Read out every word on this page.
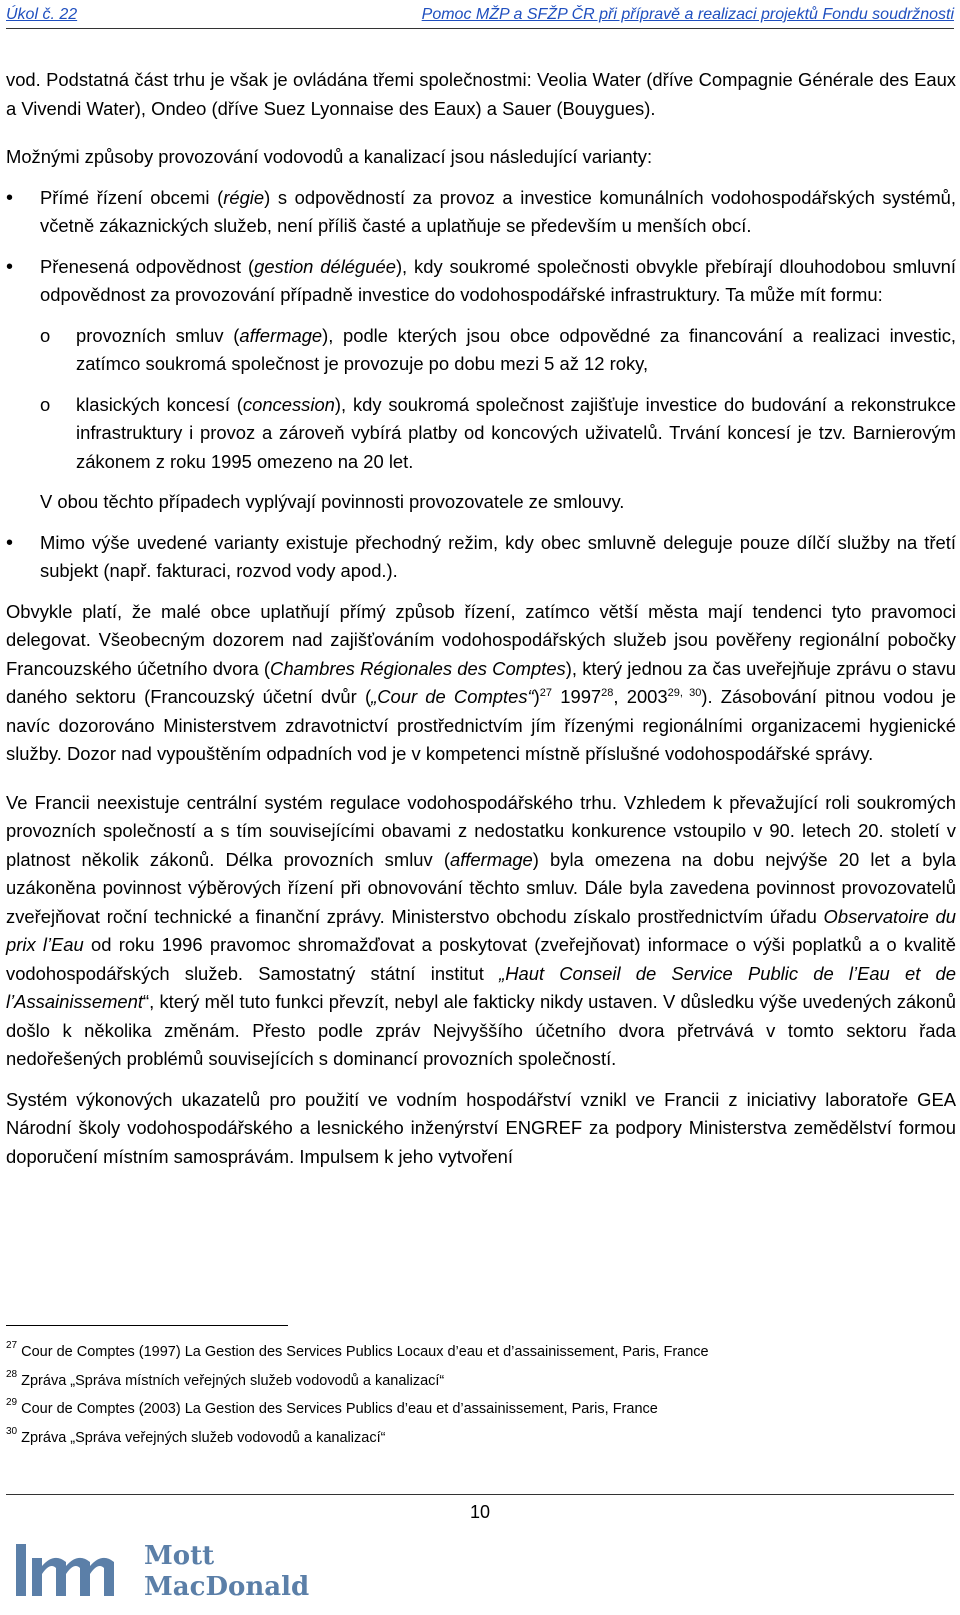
Úkol č. 22	Pomoc MŽP a SFŽP ČR při přípravě a realizaci projektů Fondu soudržnosti

vod. Podstatná část trhu je však je ovládána třemi společnostmi: Veolia Water (dříve Compagnie Générale des Eaux a Vivendi Water), Ondeo (dříve Suez Lyonnaise des Eaux) a Sauer (Bouygues).

Možnými způsoby provozování vodovodů a kanalizací jsou následující varianty:

• Přímé řízení obcemi (régie) s odpovědností za provoz a investice komunálních vodohospodářských systémů, včetně zákaznických služeb, není příliš časté a uplatňuje se především u menších obcí.
• Přenesená odpovědnost (gestion déléguée), kdy soukromé společnosti obvykle přebírají dlouhodobou smluvní odpovědnost za provozování případně investice do vodohospodářské infrastruktury. Ta může mít formu:
o provozních smluv (affermage), podle kterých jsou obce odpovědné za financování a realizaci investic, zatímco soukromá společnost je provozuje po dobu mezi 5 až 12 roky,
o klasických koncesí (concession), kdy soukromá společnost zajišťuje investice do budování a rekonstrukce infrastruktury i provoz a zároveň vybírá platby od koncových uživatelů. Trvání koncesí je tzv. Barnierovým zákonem z roku 1995 omezeno na 20 let.
V obou těchto případech vyplývají povinnosti provozovatele ze smlouvy.
• Mimo výše uvedené varianty existuje přechodný režim, kdy obec smluvně deleguje pouze dílčí služby na třetí subjekt (např. fakturaci, rozvod vody apod.).

Obvykle platí, že malé obce uplatňují přímý způsob řízení, zatímco větší města mají tendenci tyto pravomoci delegovat. Všeobecným dozorem nad zajišťováním vodohospodářských služeb jsou pověřeny regionální pobočky Francouzského účetního dvora (Chambres Régionales des Comptes), který jednou za čas uveřejňuje zprávu o stavu daného sektoru (Francouzský účetní dvůr („Cour de Comptes“)$^{27}$ 1997$^{28}$, 2003$^{29, 30}$). Zásobování pitnou vodou je navíc dozorováno Ministerstvem zdravotnictví prostřednictvím jím řízenými regionálními organizacemi hygienické služby. Dozor nad vypouštěním odpadních vod je v kompetenci místně příslušné vodohospodářské správy.

Ve Francii neexistuje centrální systém regulace vodohospodářského trhu. Vzhledem k převažující roli soukromých provozních společností a s tím souvisejícími obavami z nedostatku konkurence vstoupilo v 90. letech 20. století v platnost několik zákonů. Délka provozních smluv (affermage) byla omezena na dobu nejvýše 20 let a byla uzákoněna povinnost výběrových řízení při obnovování těchto smluv. Dále byla zavedena povinnost provozovatelů zveřejňovat roční technické a finanční zprávy. Ministerstvo obchodu získalo prostřednictvím úřadu Observatoire du prix l’Eau od roku 1996 pravomoc shromažďovat a poskytovat (zveřejňovat) informace o výši poplatků a o kvalitě vodohospodářských služeb. Samostatný státní institut „Haut Conseil de Service Public de l’Eau et de l’Assainissement“, který měl tuto funkci převzít, nebyl ale fakticky nikdy ustaven. V důsledku výše uvedených zákonů došlo k několika změnám. Přesto podle zpráv Nejvyššího účetního dvora přetrvává v tomto sektoru řada nedořešených problémů souvisejících s dominancí provozních společností.

Systém výkonových ukazatelů pro použití ve vodním hospodářství vznikl ve Francii z iniciativy laboratoře GEA Národní školy vodohospodářského a lesnického inženýrství ENGREF za podpory Ministerstva zemědělství formou doporučení místním samosprávám. Impulsem k jeho vytvoření

$^{27}$ Cour de Comptes (1997) La Gestion des Services Publics Locaux d’eau et d’assainissement, Paris, France
$^{28}$ Zpráva „Správa místních veřejných služeb vodovodů a kanalizací“
$^{29}$ Cour de Comptes (2003) La Gestion des Services Publics d’eau et d’assainissement, Paris, France
$^{30}$ Zpráva „Správa veřejných služeb vodovodů a kanalizací“
10
Mott
MacDonald
